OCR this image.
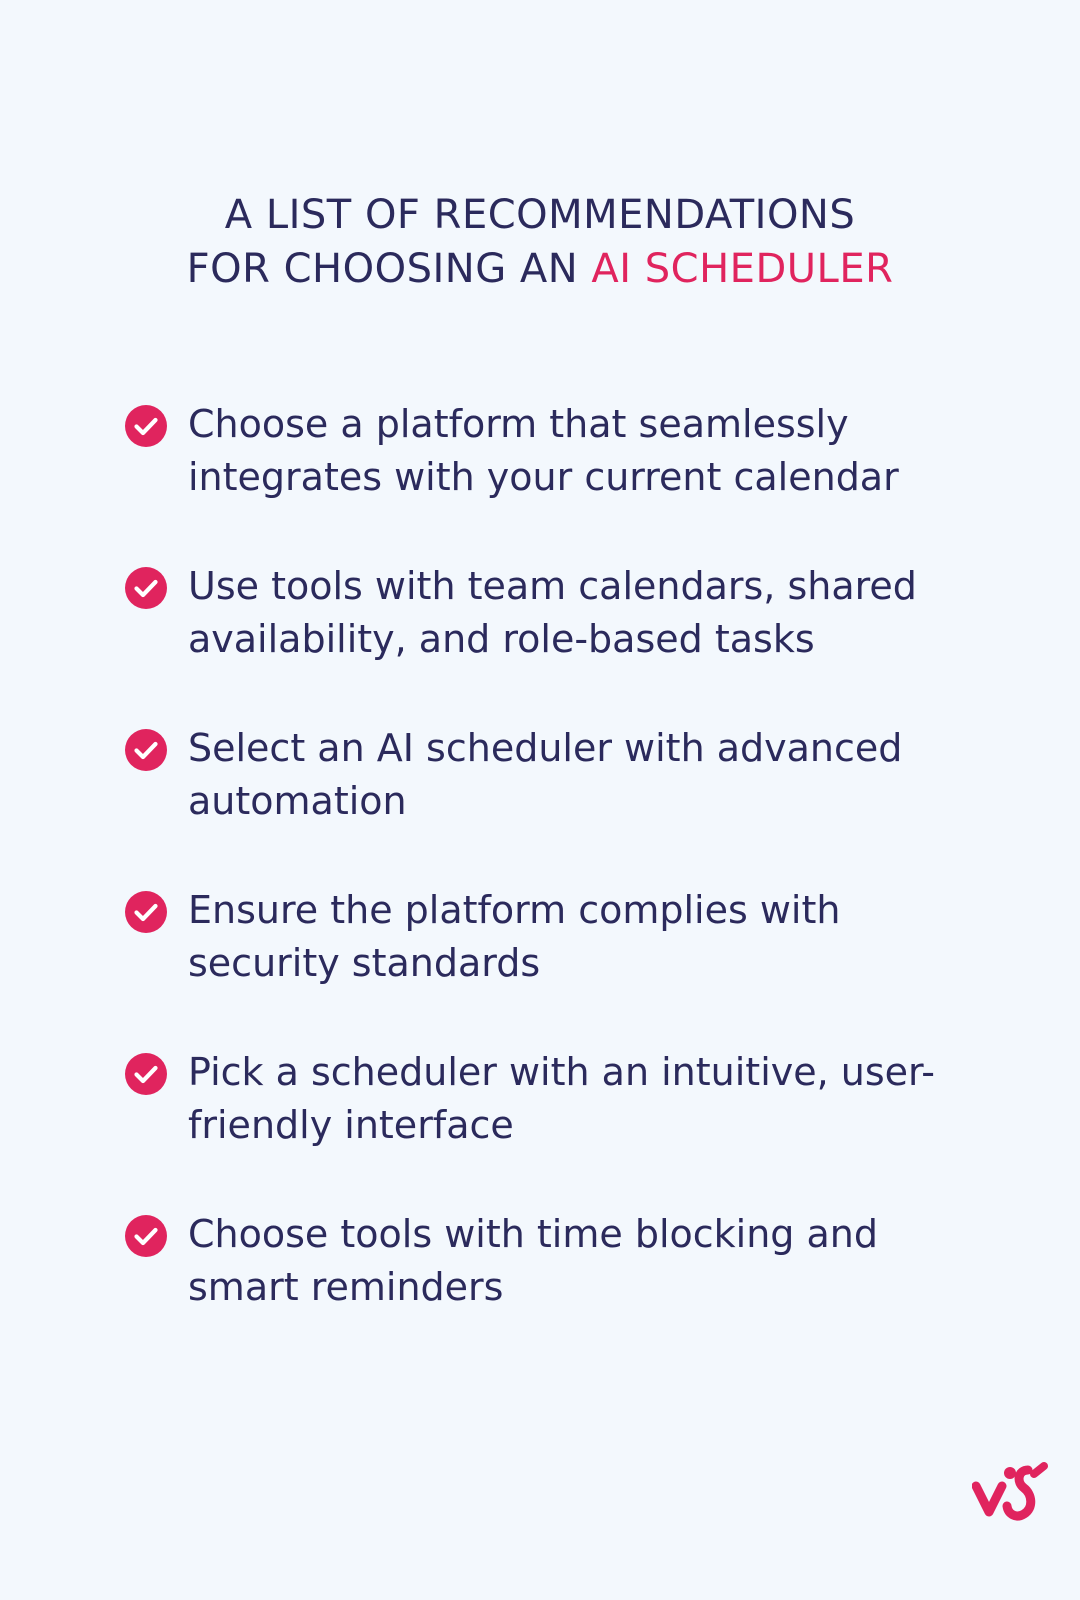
A LIST OF RECOMMENDATIONS
FOR CHOOSING AN AI SCHEDULER
Choose a platform that seamlessly
integrates with your current calendar
Use tools with team calendars, shared
availability, and role-based tasks
Select an AI scheduler with advanced
automation
Ensure the platform complies with
security standards
Pick a scheduler with an intuitive, user-
friendly interface
Choose tools with time blocking and
smart reminders
